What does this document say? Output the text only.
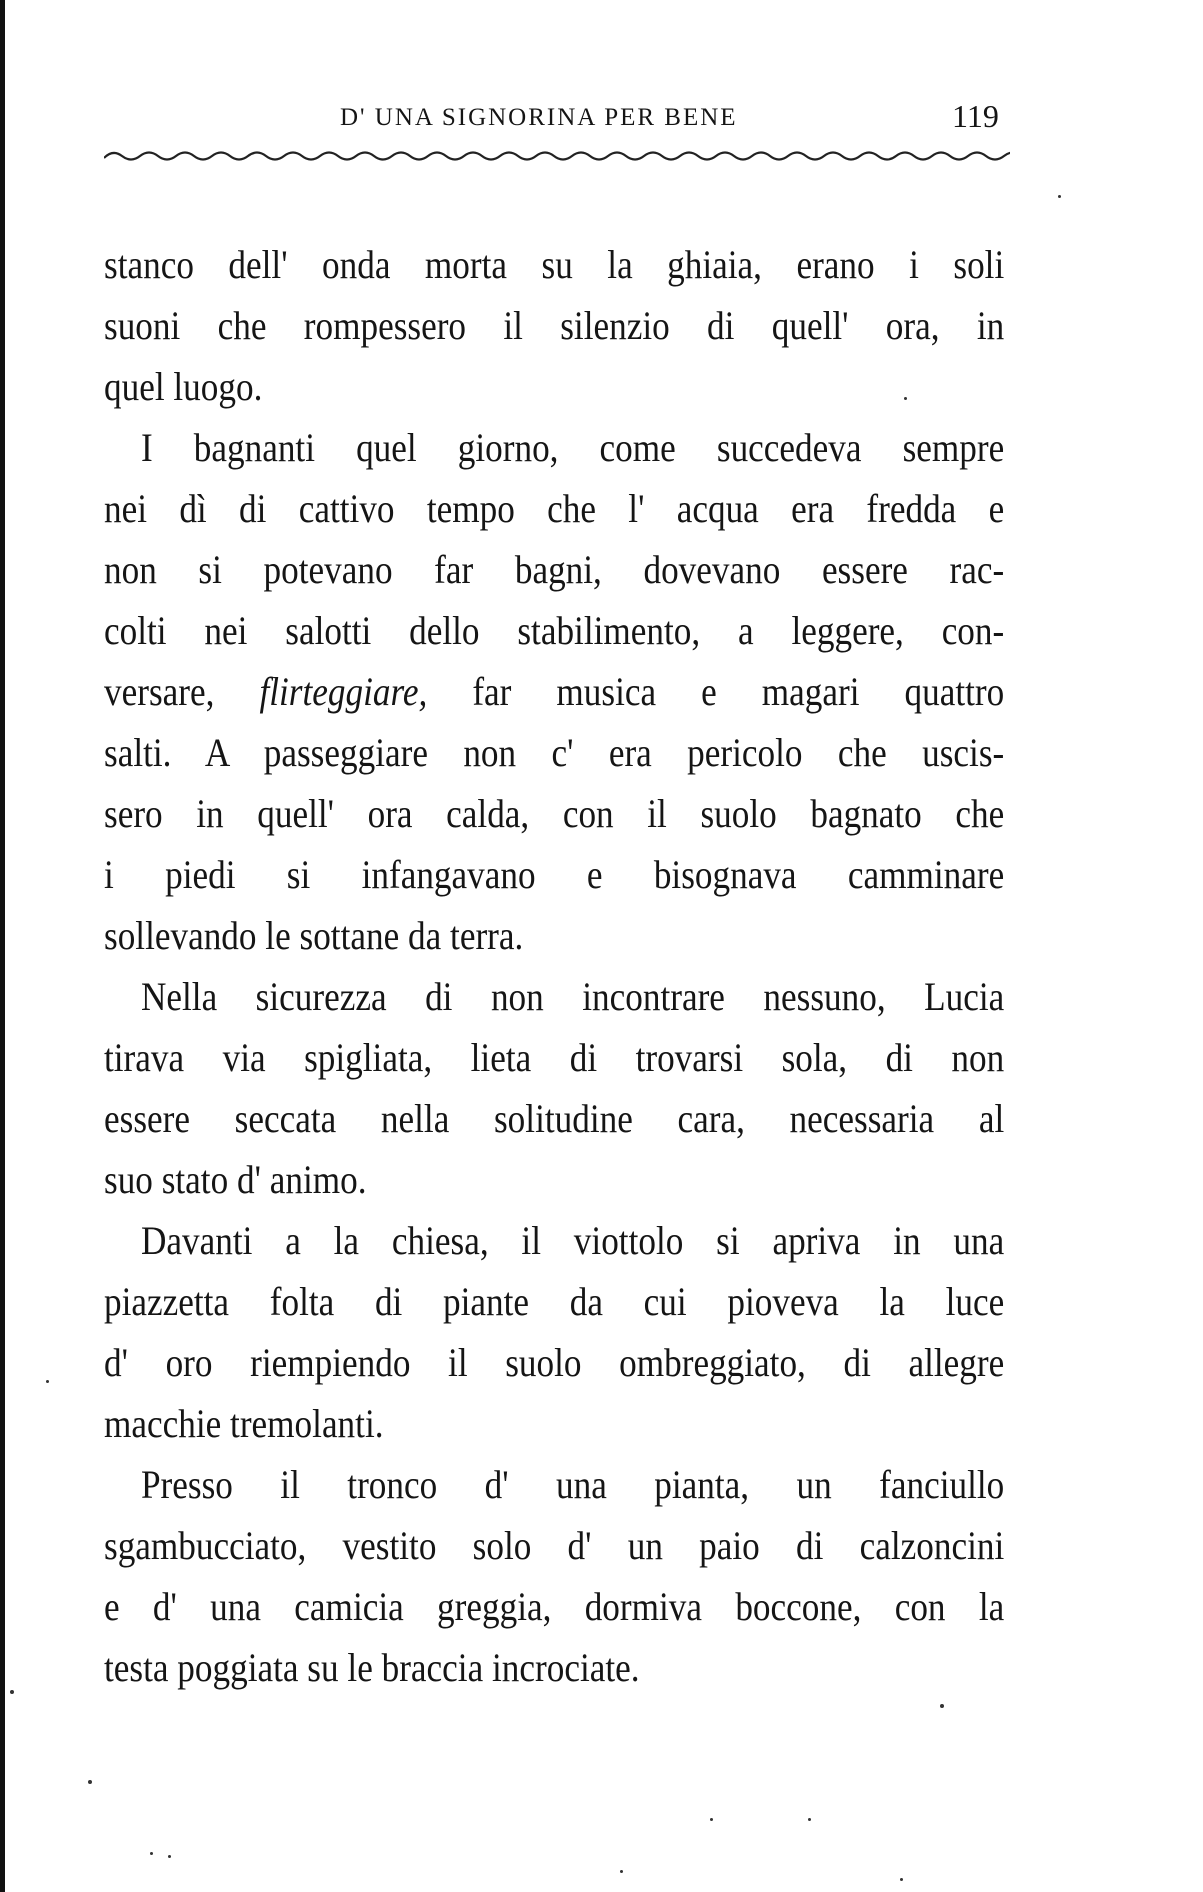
D' UNA SIGNORINA PER BENE	119
stanco dell' onda morta su la ghiaia, erano i soli
suoni che rompessero il silenzio di quell' ora, in
quel luogo.
I bagnanti quel giorno, come succedeva sempre
nei dì di cattivo tempo che l' acqua era fredda e
non si potevano far bagni, dovevano essere rac-
colti nei salotti dello stabilimento, a leggere, con-
versare, flirteggiare, far musica e magari quattro
salti. A passeggiare non c' era pericolo che uscis-
sero in quell' ora calda, con il suolo bagnato che
i piedi si infangavano e bisognava camminare
sollevando le sottane da terra.
Nella sicurezza di non incontrare nessuno, Lucia
tirava via spigliata, lieta di trovarsi sola, di non
essere seccata nella solitudine cara, necessaria al
suo stato d' animo.
Davanti a la chiesa, il viottolo si apriva in una
piazzetta folta di piante da cui pioveva la luce
d' oro riempiendo il suolo ombreggiato, di allegre
macchie tremolanti.
Presso il tronco d' una pianta, un fanciullo
sgambucciato, vestito solo d' un paio di calzoncini
e d' una camicia greggia, dormiva boccone, con la
testa poggiata su le braccia incrociate.
